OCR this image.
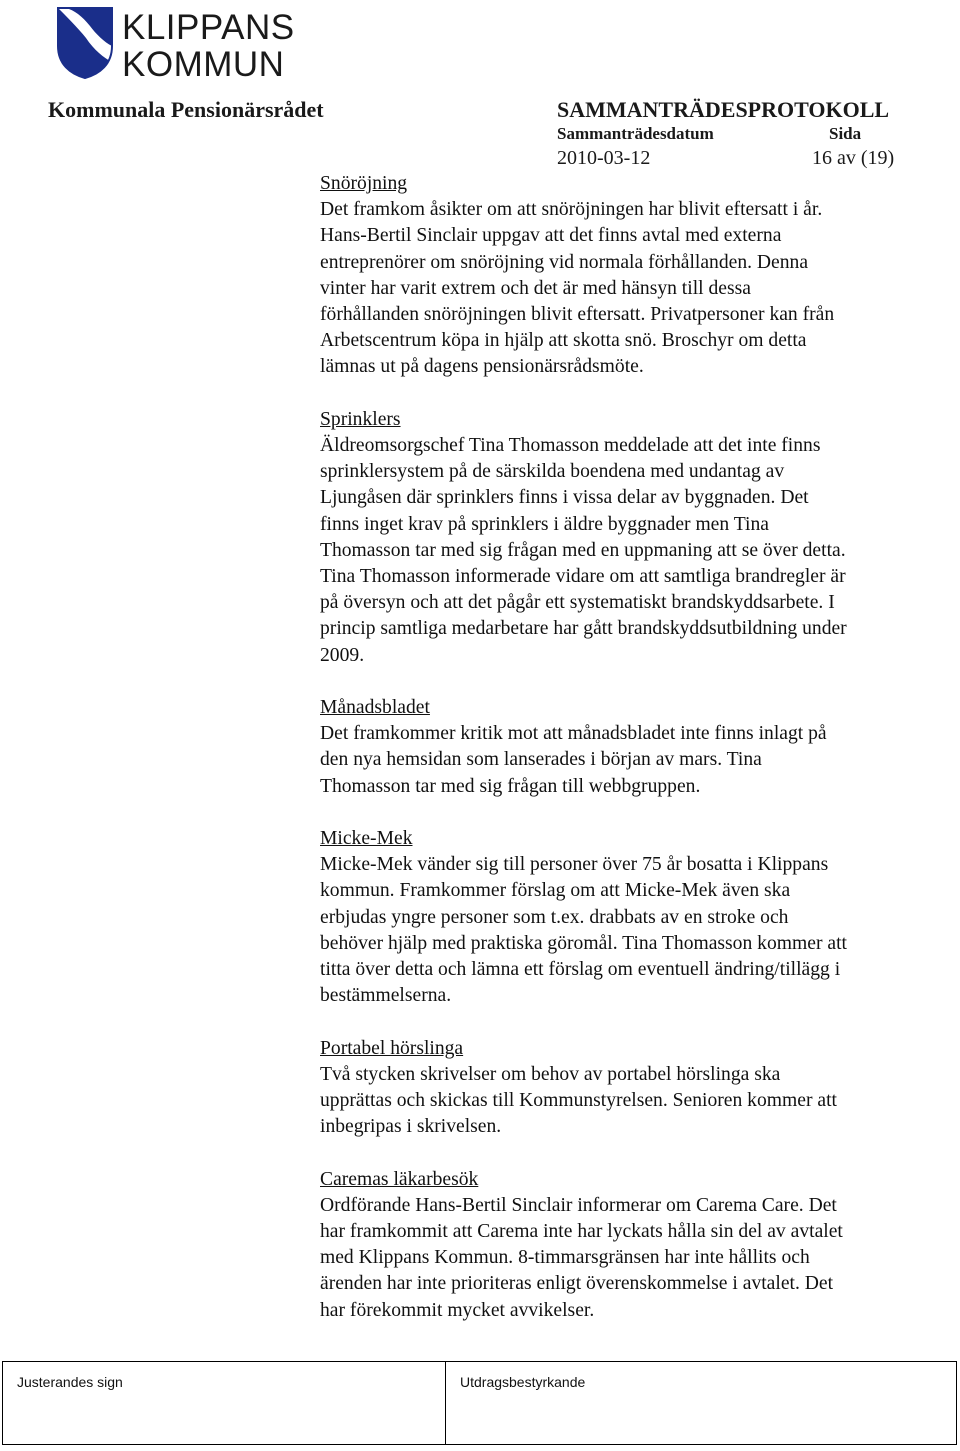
KLIPPANS
KOMMUN
Kommunala Pensionärsrådet	SAMMANTRÄDESPROTOKOLL
Sammanträdesdatum	Sida
2010-03-12	16 av (19)
Snöröjning
Det framkom åsikter om att snöröjningen har blivit eftersatt i år.
Hans-Bertil Sinclair uppgav att det finns avtal med externa
entreprenörer om snöröjning vid normala förhållanden. Denna
vinter har varit extrem och det är med hänsyn till dessa
förhållanden snöröjningen blivit eftersatt. Privatpersoner kan från
Arbetscentrum köpa in hjälp att skotta snö. Broschyr om detta
lämnas ut på dagens pensionärsrådsmöte.
Sprinklers
Äldreomsorgschef Tina Thomasson meddelade att det inte finns
sprinklersystem på de särskilda boendena med undantag av
Ljungåsen där sprinklers finns i vissa delar av byggnaden. Det
finns inget krav på sprinklers i äldre byggnader men Tina
Thomasson tar med sig frågan med en uppmaning att se över detta.
Tina Thomasson informerade vidare om att samtliga brandregler är
på översyn och att det pågår ett systematiskt brandskyddsarbete. I
princip samtliga medarbetare har gått brandskyddsutbildning under
2009.
Månadsbladet
Det framkommer kritik mot att månadsbladet inte finns inlagt på
den nya hemsidan som lanserades i början av mars. Tina
Thomasson tar med sig frågan till webbgruppen.
Micke-Mek
Micke-Mek vänder sig till personer över 75 år bosatta i Klippans
kommun. Framkommer förslag om att Micke-Mek även ska
erbjudas yngre personer som t.ex. drabbats av en stroke och
behöver hjälp med praktiska göromål. Tina Thomasson kommer att
titta över detta och lämna ett förslag om eventuell ändring/tillägg i
bestämmelserna.
Portabel hörslinga
Två stycken skrivelser om behov av portabel hörslinga ska
upprättas och skickas till Kommunstyrelsen. Senioren kommer att
inbegripas i skrivelsen.
Caremas läkarbesök
Ordförande Hans-Bertil Sinclair informerar om Carema Care. Det
har framkommit att Carema inte har lyckats hålla sin del av avtalet
med Klippans Kommun. 8-timmarsgränsen har inte hållits och
ärenden har inte prioriteras enligt överenskommelse i avtalet. Det
har förekommit mycket avvikelser.
Justerandes sign	Utdragsbestyrkande
